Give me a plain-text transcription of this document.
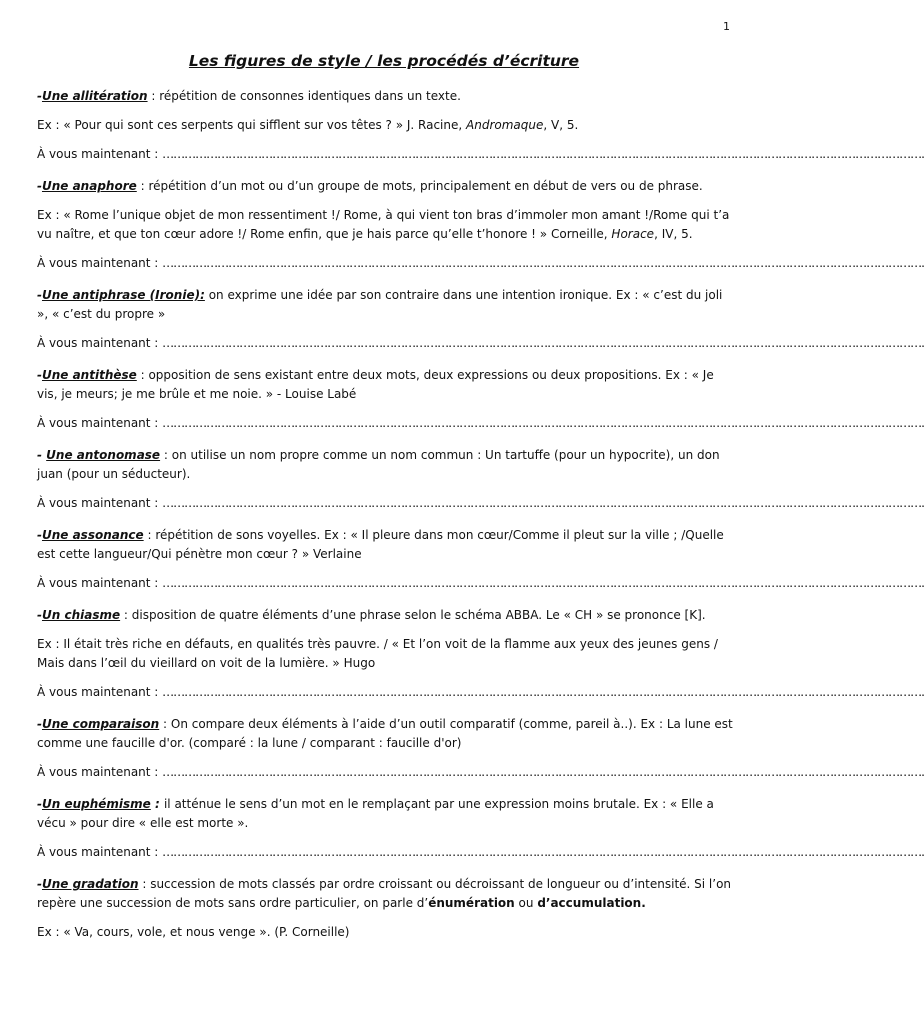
1
Les figures de style / les procédés d’écriture

-Une allitération : répétition de consonnes identiques dans un texte.

Ex : « Pour qui sont ces serpents qui sifflent sur vos têtes ? » J. Racine, Andromaque, V, 5.

À vous maintenant : ……………………………………………………………………………………………………………………………………………………………………………………….

-Une anaphore : répétition d’un mot ou d’un groupe de mots, principalement en début de vers ou de phrase.

Ex : « Rome l’unique objet de mon ressentiment !/ Rome, à qui vient ton bras d’immoler mon amant !/Rome qui t’a vu naître, et que ton cœur adore !/ Rome enfin, que je hais parce qu’elle t’honore ! » Corneille, Horace, IV, 5.

À vous maintenant : ……………………………………………………………………………………………………………………………………………………………………………………….

-Une antiphrase (Ironie): on exprime une idée par son contraire dans une intention ironique. Ex : « c’est du joli », « c’est du propre »

À vous maintenant : ……………………………………………………………………………………………………………………………………………………………………………………….

-Une antithèse : opposition de sens existant entre deux mots, deux expressions ou deux propositions. Ex : « Je vis, je meurs; je me brûle et me noie. » - Louise Labé

À vous maintenant : ……………………………………………………………………………………………………………………………………………………………………………………….

- Une antonomase : on utilise un nom propre comme un nom commun : Un tartuffe (pour un hypocrite), un don juan (pour un séducteur).

À vous maintenant : ……………………………………………………………………………………………………………………………………………………………………………………….

-Une assonance : répétition de sons voyelles. Ex : « Il pleure dans mon cœur/Comme il pleut sur la ville ; /Quelle est cette langueur/Qui pénètre mon cœur ? » Verlaine

À vous maintenant : ……………………………………………………………………………………………………………………………………………………………………………………….

-Un chiasme : disposition de quatre éléments d’une phrase selon le schéma ABBA. Le « CH » se prononce [K].

Ex : Il était très riche en défauts, en qualités très pauvre. / « Et l’on voit de la flamme aux yeux des jeunes gens / Mais dans l’œil du vieillard on voit de la lumière. » Hugo

À vous maintenant : ……………………………………………………………………………………………………………………………………………………………………………………….

-Une comparaison : On compare deux éléments à l’aide d’un outil comparatif (comme, pareil à..). Ex : La lune est comme une faucille d'or. (comparé : la lune / comparant : faucille d'or)

À vous maintenant : ……………………………………………………………………………………………………………………………………………………………………………………….

-Un euphémisme : il atténue le sens d’un mot en le remplaçant par une expression moins brutale. Ex : « Elle a vécu » pour dire « elle est morte ».

À vous maintenant : ……………………………………………………………………………………………………………………………………………………………………………………….

-Une gradation : succession de mots classés par ordre croissant ou décroissant de longueur ou d’intensité. Si l’on repère une succession de mots sans ordre particulier, on parle d’énumération ou d’accumulation.

Ex : « Va, cours, vole, et nous venge ». (P. Corneille)
